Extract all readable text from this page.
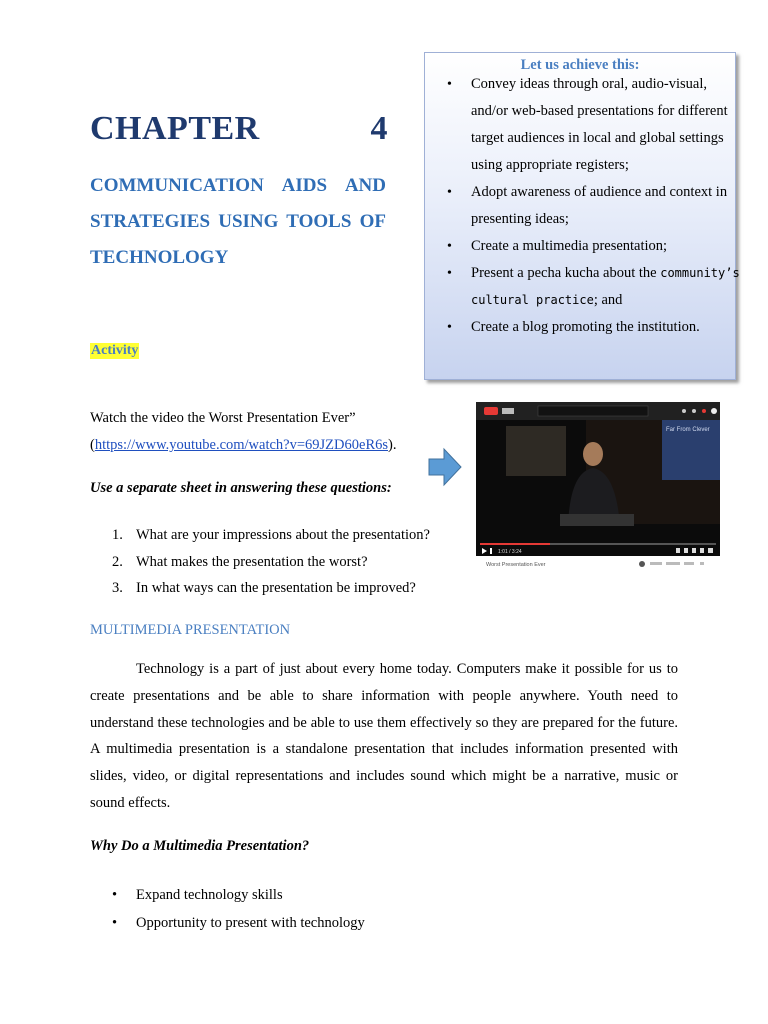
Let us achieve this:
• Convey ideas through oral, audio-visual, and/or web-based presentations for different target audiences in local and global settings using appropriate registers;
• Adopt awareness of audience and context in presenting ideas;
• Create a multimedia presentation;
• Present a pecha kucha about the community’s cultural practice; and
• Create a blog promoting the institution.
CHAPTER	4
COMMUNICATION AIDS AND STRATEGIES USING TOOLS OF TECHNOLOGY
Activity
Watch the video the Worst Presentation Ever”
(https://www.youtube.com/watch?v=69JZD60eR6s).
Use a separate sheet in answering these questions:
1. What are your impressions about the presentation?
2. What makes the presentation the worst?
3. In what ways can the presentation be improved?
Far From Clever
1:01 / 3:24
Worst Presentation Ever
MULTIMEDIA PRESENTATION
Technology is a part of just about every home today. Computers make it possible for us to create presentations and be able to share information with people anywhere. Youth need to understand these technologies and be able to use them effectively so they are prepared for the future. A multimedia presentation is a standalone presentation that includes information presented with slides, video, or digital representations and includes sound which might be a narrative, music or sound effects.
Why Do a Multimedia Presentation?
• Expand technology skills
• Opportunity to present with technology
